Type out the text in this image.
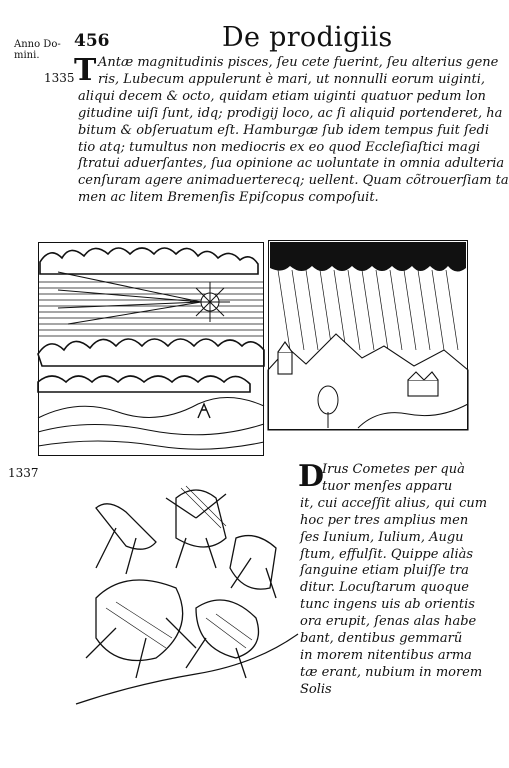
Anno Do-
mini.
1335
1337
456	De prodigiis
Antæ magnitudinis pisces, ſeu cete fuerint, ſeu alterius gene
ris, Lubecum appulerunt è mari, ut nonnulli eorum uiginti,
aliqui decem & octo, quidam etiam uiginti quatuor pedum lon
gitudine uiſi ſunt, idq; prodigij loco, ac ſi aliquid portenderet, ha
bitum & obſeruatum eſt. Hamburgæ ſub idem tempus fuit ſedi
tio atq; tumultus non mediocris ex eo quod Eccleſiaſtici magi
ſtratui aduerſantes, ſua opinione ac uoluntate in omnia adulteria
cenſuram agere animaduerterecq; uellent. Quam cõtrouerſiam ta
men ac litem Bremenſis Epiſcopus compoſuit.
T
Irus Cometes per quà
tuor menſes apparu
it, cui acceſſit alius, qui cum
hoc per tres amplius men
ſes Iunium, Iulium, Augu
ſtum, effulſit. Quippe aliàs
ſanguine etiam pluiſſe tra
ditur. Locuſtarum quoque
tunc ingens uis ab orientis
ora erupit, ſenas alas habe
bant, dentibus gemmarũ
in morem nitentibus arma
tæ erant, nubium in morem
Solis
D
